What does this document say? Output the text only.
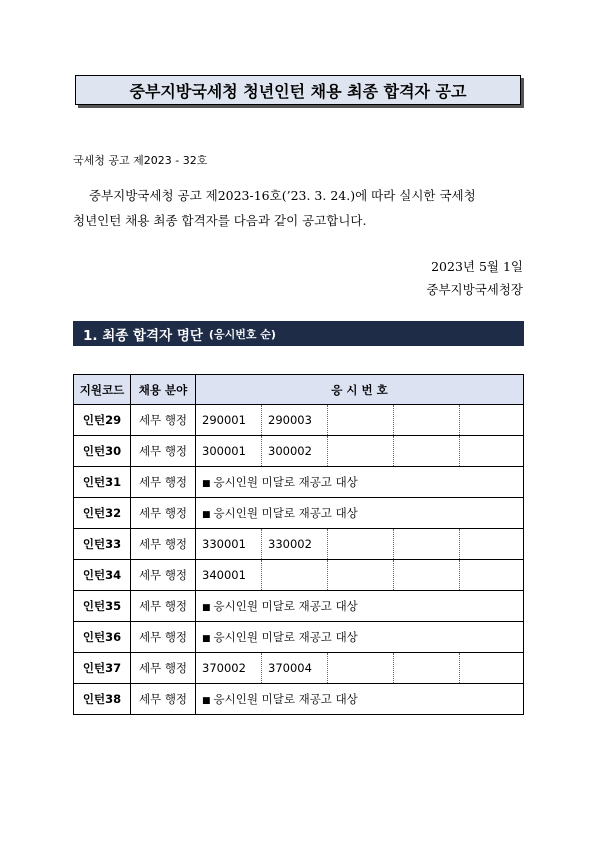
중부지방국세청 청년인턴 채용 최종 합격자 공고
국세청 공고 제2023 - 32호
중부지방국세청 공고 제2023-16호(’23. 3. 24.)에 따라 실시한 국세청
청년인턴 채용 최종 합격자를 다음과 같이 공고합니다.
2023년 5월 1일
중부지방국세청장
1. 최종 합격자 명단 (응시번호 순)
지원코드	채용 분야	응 시 번 호				
인턴29	세무 행정	290001	290003			
인턴30	세무 행정	300001	300002			
인턴31	세무 행정	■ 응시인원 미달로 재공고 대상				
인턴32	세무 행정	■ 응시인원 미달로 재공고 대상				
인턴33	세무 행정	330001	330002			
인턴34	세무 행정	340001				
인턴35	세무 행정	■ 응시인원 미달로 재공고 대상				
인턴36	세무 행정	■ 응시인원 미달로 재공고 대상				
인턴37	세무 행정	370002	370004			
인턴38	세무 행정	■ 응시인원 미달로 재공고 대상				
